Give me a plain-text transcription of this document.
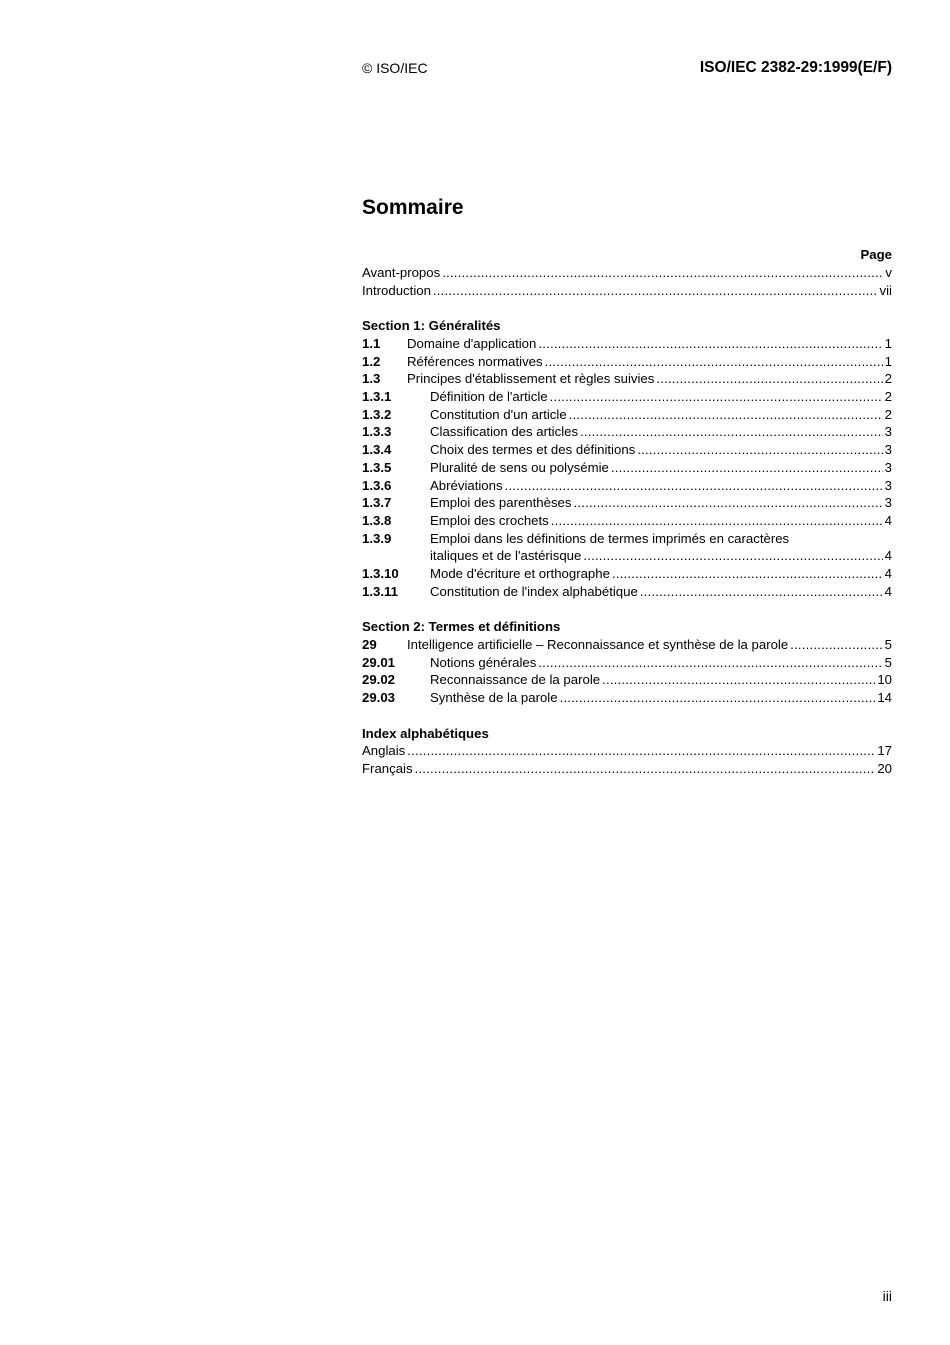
© ISO/IEC	ISO/IEC 2382-29:1999(E/F)
Sommaire
Page
Avant-propos .....	v
Introduction .....	vii
Section 1: Généralités
1.1	Domaine d'application .....	1
1.2	Références normatives .....	1
1.3	Principes d'établissement et règles suivies .....	2
1.3.1	Définition de l'article .....	2
1.3.2	Constitution d'un article .....	2
1.3.3	Classification des articles .....	3
1.3.4	Choix des termes et des définitions .....	3
1.3.5	Pluralité de sens ou polysémie .....	3
1.3.6	Abréviations .....	3
1.3.7	Emploi des parenthèses .....	3
1.3.8	Emploi des crochets .....	4
1.3.9	Emploi dans les définitions de termes imprimés en caractères
italiques et de l'astérisque .....	4
1.3.10	Mode d'écriture et orthographe .....	4
1.3.11	Constitution de l'index alphabétique .....	4
Section 2: Termes et définitions
29	Intelligence artificielle – Reconnaissance et synthèse de la parole .....	5
29.01	Notions générales .....	5
29.02	Reconnaissance de la parole .....	10
29.03	Synthèse de la parole .....	14
Index alphabétiques
Anglais .....	17
Français .....	20
iii
